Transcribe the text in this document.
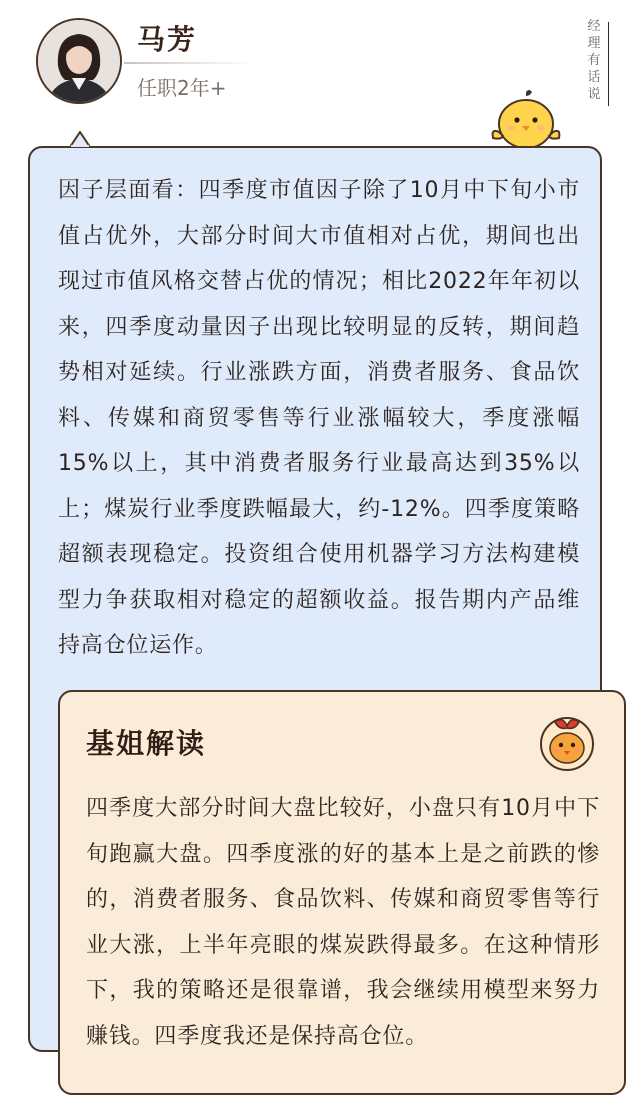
马芳
任职2年+
经理有话说

因子层面看：四季度市值因子除了10月中下旬小市值占优外，大部分时间大市值相对占优，期间也出现过市值风格交替占优的情况；相比2022年年初以来，四季度动量因子出现比较明显的反转，期间趋势相对延续。行业涨跌方面，消费者服务、食品饮料、传媒和商贸零售等行业涨幅较大，季度涨幅15%以上，其中消费者服务行业最高达到35%以上；煤炭行业季度跌幅最大，约-12%。四季度策略超额表现稳定。投资组合使用机器学习方法构建模型力争获取相对稳定的超额收益。报告期内产品维持高仓位运作。

基姐解读

四季度大部分时间大盘比较好，小盘只有10月中下旬跑赢大盘。四季度涨的好的基本上是之前跌的惨的，消费者服务、食品饮料、传媒和商贸零售等行业大涨，上半年亮眼的煤炭跌得最多。在这种情形下，我的策略还是很靠谱，我会继续用模型来努力赚钱。四季度我还是保持高仓位。
